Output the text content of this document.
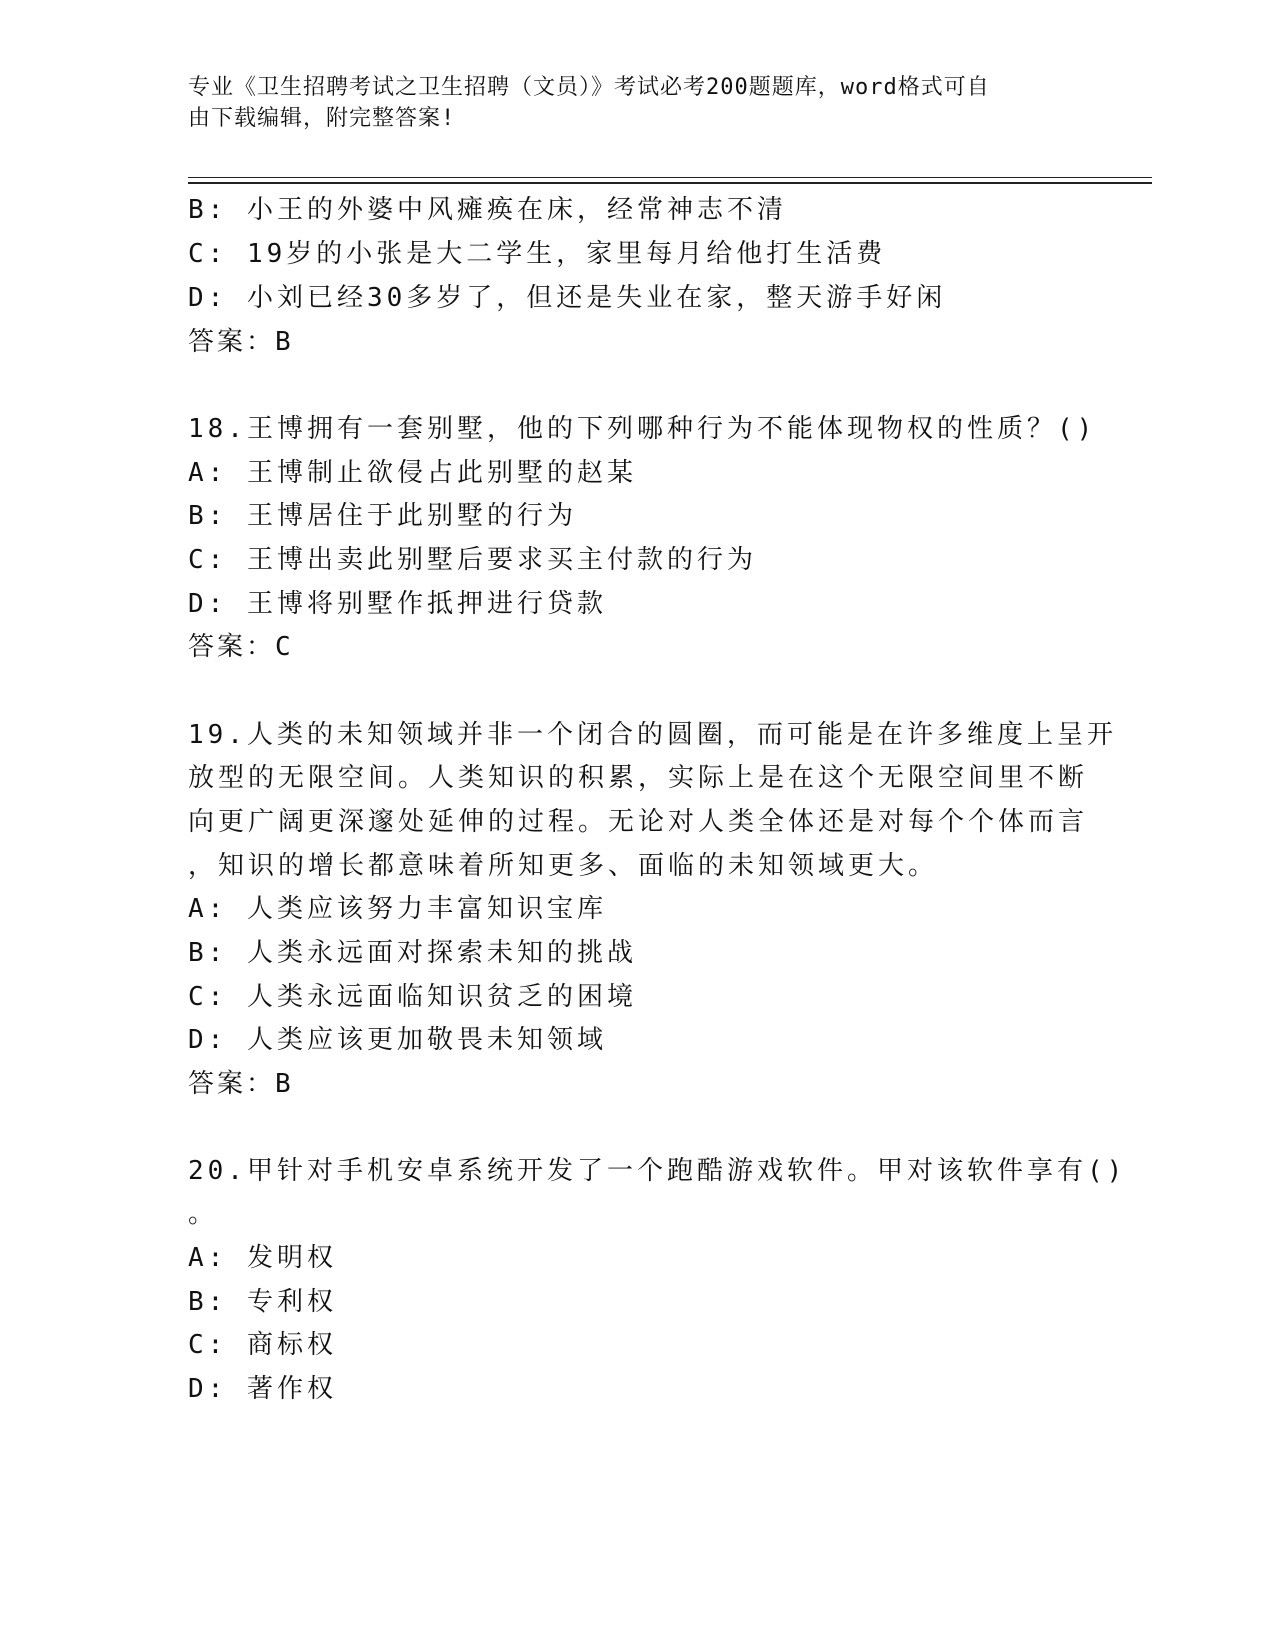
专业《卫生招聘考试之卫生招聘（文员）》考试必考200题题库，word格式可自
由下载编辑，附完整答案!
B: 小王的外婆中风瘫痪在床，经常神志不清
C: 19岁的小张是大二学生，家里每月给他打生活费
D: 小刘已经30多岁了，但还是失业在家，整天游手好闲
答案：B
18.王博拥有一套别墅，他的下列哪种行为不能体现物权的性质？()
A: 王博制止欲侵占此别墅的赵某
B: 王博居住于此别墅的行为
C: 王博出卖此别墅后要求买主付款的行为
D: 王博将别墅作抵押进行贷款
答案：C
19.人类的未知领域并非一个闭合的圆圈，而可能是在许多维度上呈开
放型的无限空间。人类知识的积累，实际上是在这个无限空间里不断
向更广阔更深邃处延伸的过程。无论对人类全体还是对每个个体而言
，知识的增长都意味着所知更多、面临的未知领域更大。
A: 人类应该努力丰富知识宝库
B: 人类永远面对探索未知的挑战
C: 人类永远面临知识贫乏的困境
D: 人类应该更加敬畏未知领域
答案：B
20.甲针对手机安卓系统开发了一个跑酷游戏软件。甲对该软件享有()
。
A: 发明权
B: 专利权
C: 商标权
D: 著作权
